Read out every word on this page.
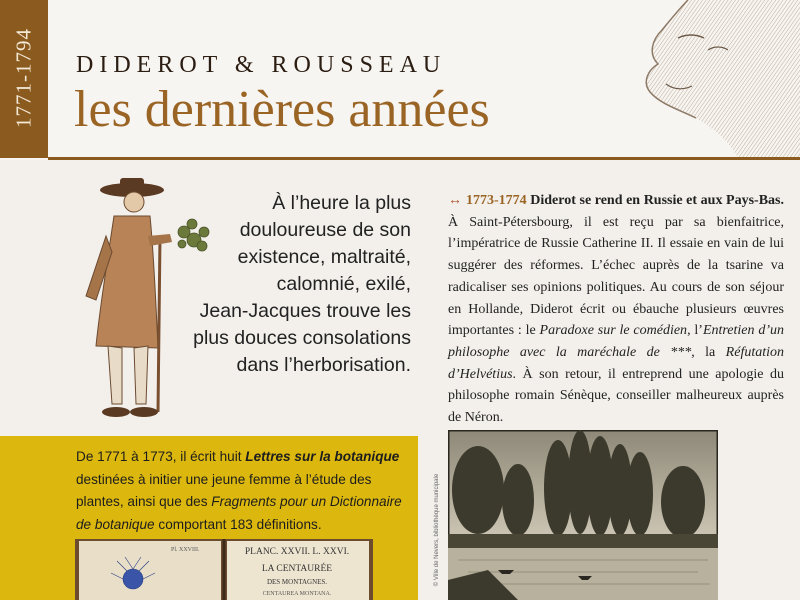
1771-1794 DIDEROT & ROUSSEAU
les dernières années
À l’heure la plus
douloureuse de son
existence, maltraité,
calomnié, exilé,
Jean-Jacques trouve les
plus douces consolations
dans l’herborisation.

De 1771 à 1773, il écrit huit Lettres sur la botanique destinées à initier une jeune femme à l’étude des plantes, ainsi que des Fragments pour un Dictionnaire de botanique comportant 183 définitions.

Pl. XXVIII.	PLANC. XXVII. L. XXVI.
LA CENTAURÉE
DES MONTAGNES.
CENTAUREA MONTANA.

↔ 1773-1774 Diderot se rend en Russie et aux Pays-Bas. À Saint-Pétersbourg, il est reçu par sa bienfaitrice, l’impératrice de Russie Catherine II. Il essaie en vain de lui suggérer des réformes. L’échec auprès de la tsarine va radicaliser ses opinions politiques. Au cours de son séjour en Hollande, Diderot écrit ou ébauche plusieurs œuvres importantes : le Paradoxe sur le comédien, l’Entretien d’un philosophe avec la maréchale de ***, la Réfutation d’Helvétius. À son retour, il entreprend une apologie du philosophe romain Sénèque, conseiller malheureux auprès de Néron.

© Ville de Nevers, bibliothèque municipale
